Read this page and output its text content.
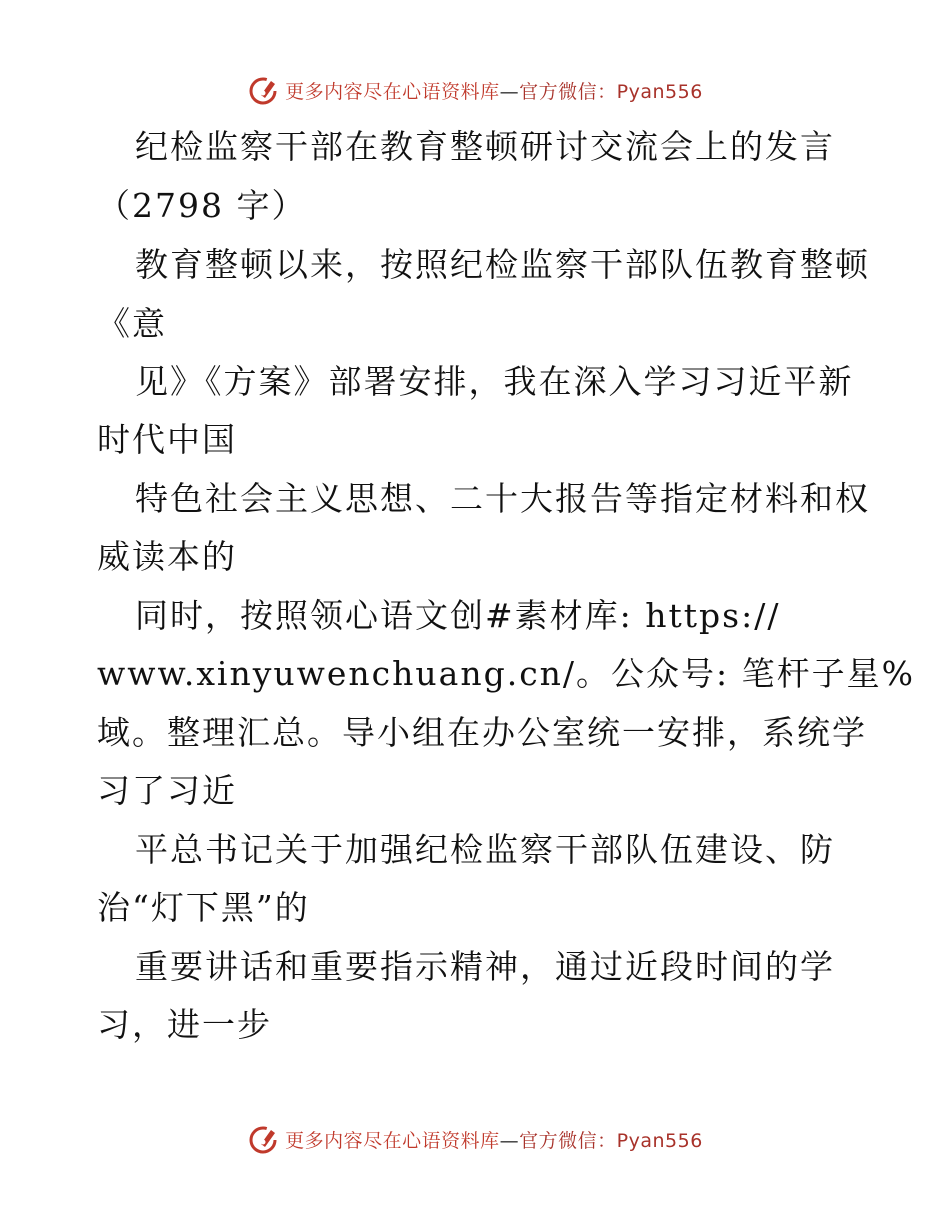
更多内容尽在心语资料库—官方微信：Pyan556
纪检监察干部在教育整顿研讨交流会上的发言
（2798 字）
教育整顿以来，按照纪检监察干部队伍教育整顿
《意
见》《方案》部署安排，我在深入学习习近平新
时代中国
特色社会主义思想、二十大报告等指定材料和权
威读本的
同时，按照领心语文创#素材库: https://
www.xinyuwenchuang.cn/。公众号: 笔杆子星%
域。整理汇总。导小组在办公室统一安排，系统学
习了习近
平总书记关于加强纪检监察干部队伍建设、防
治“灯下黑”的
重要讲话和重要指示精神，通过近段时间的学
习，进一步
更多内容尽在心语资料库—官方微信：Pyan556
